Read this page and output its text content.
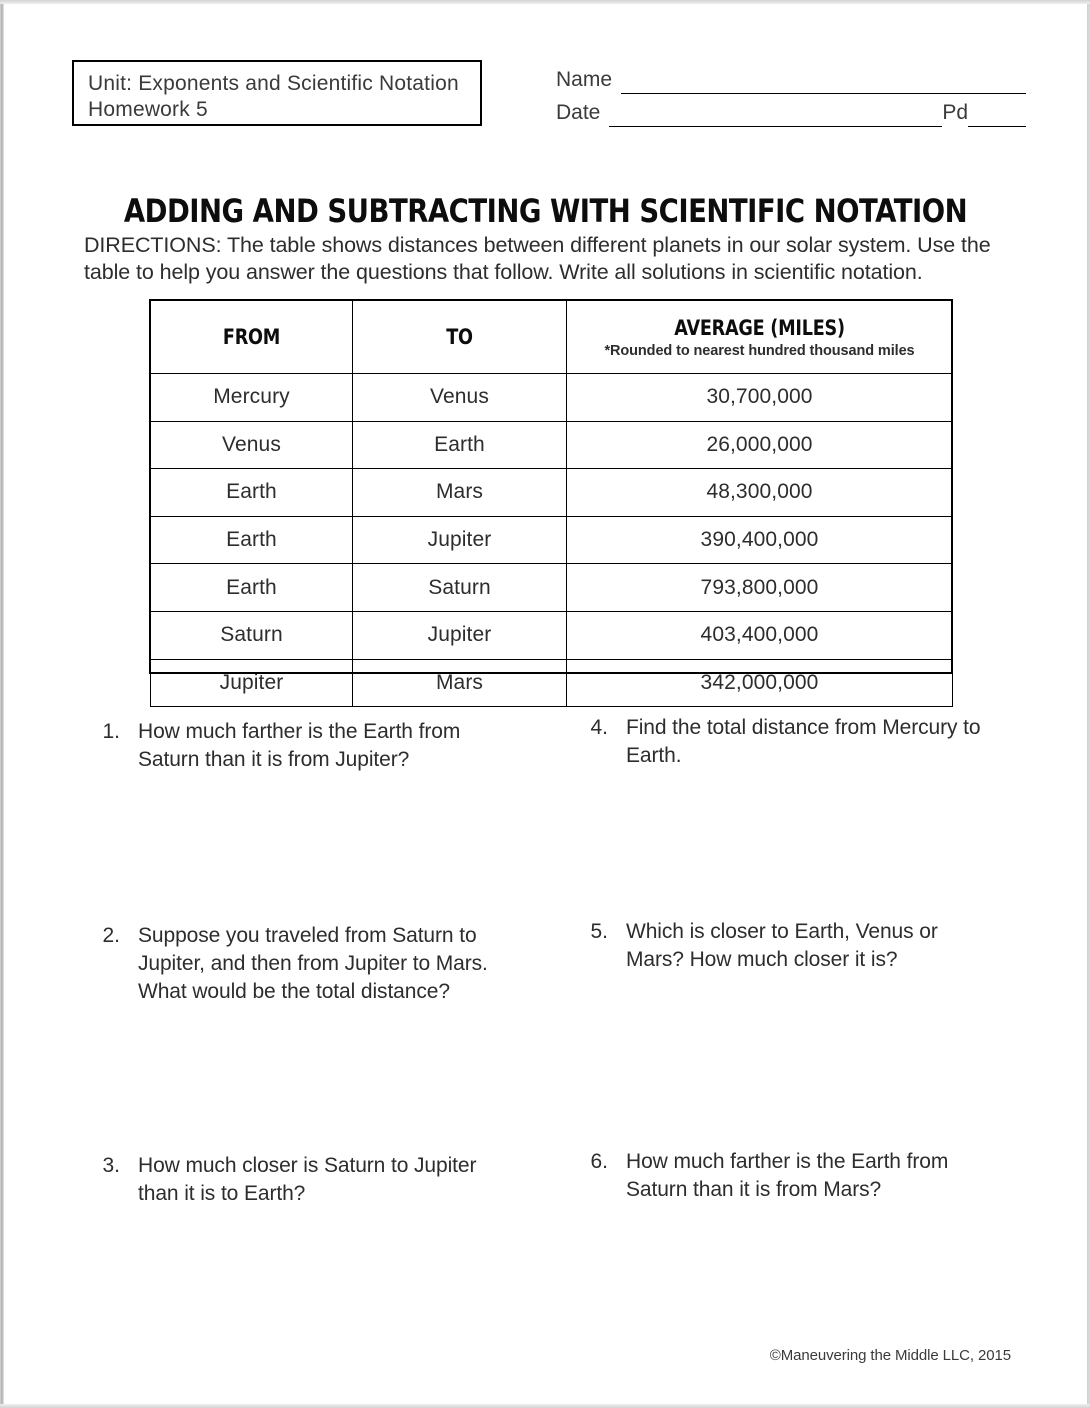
Unit: Exponents and Scientific Notation
Homework 5
Name
Date	Pd
ADDING AND SUBTRACTING WITH SCIENTIFIC NOTATION
DIRECTIONS: The table shows distances between different planets in our solar system. Use the table to help you answer the questions that follow. Write all solutions in scientific notation.
FROM	TO	AVERAGE (MILES)
*Rounded to nearest hundred thousand miles

Mercury	Venus	30,700,000
Venus	Earth	26,000,000
Earth	Mars	48,300,000
Earth	Jupiter	390,400,000
Earth	Saturn	793,800,000
Saturn	Jupiter	403,400,000
Jupiter	Mars	342,000,000
1. How much farther is the Earth from Saturn than it is from Jupiter?
2. Suppose you traveled from Saturn to Jupiter, and then from Jupiter to Mars. What would be the total distance?
3. How much closer is Saturn to Jupiter than it is to Earth?
4. Find the total distance from Mercury to Earth.
5. Which is closer to Earth, Venus or Mars? How much closer it is?
6. How much farther is the Earth from Saturn than it is from Mars?
©Maneuvering the Middle LLC, 2015
